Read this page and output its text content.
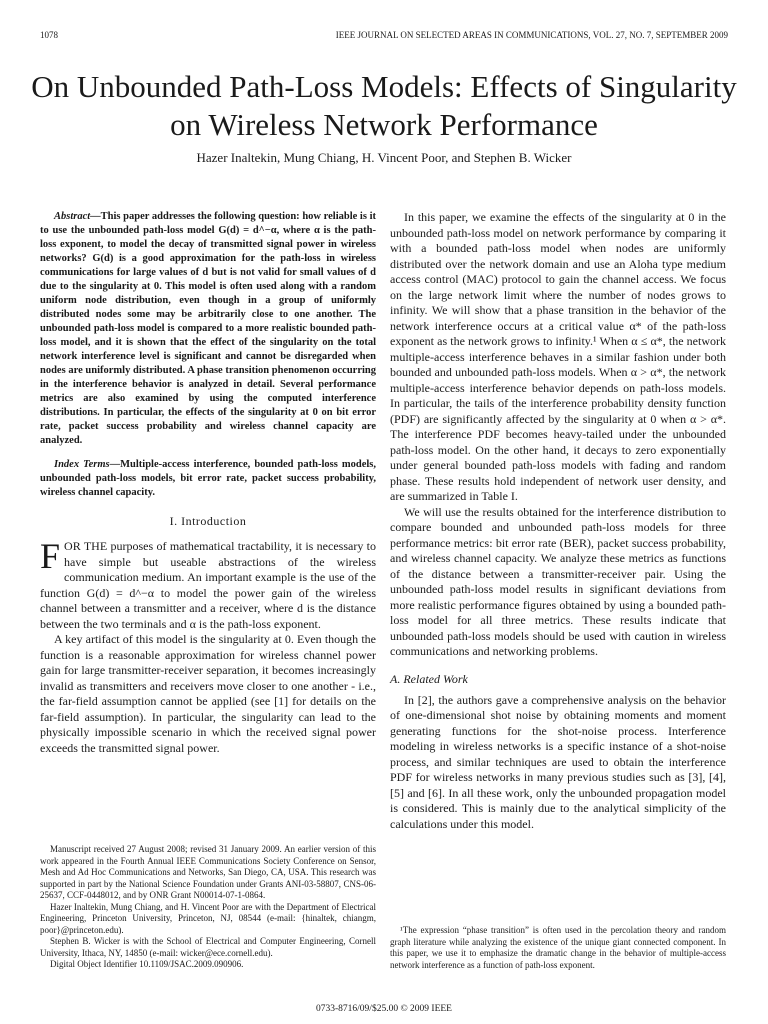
1078	IEEE JOURNAL ON SELECTED AREAS IN COMMUNICATIONS, VOL. 27, NO. 7, SEPTEMBER 2009
On Unbounded Path-Loss Models: Effects of Singularity on Wireless Network Performance
Hazer Inaltekin, Mung Chiang, H. Vincent Poor, and Stephen B. Wicker

Abstract—This paper addresses the following question: how reliable is it to use the unbounded path-loss model G(d) = d^−α, where α is the path-loss exponent, to model the decay of transmitted signal power in wireless networks? G(d) is a good approximation for the path-loss in wireless communications for large values of d but is not valid for small values of d due to the singularity at 0. This model is often used along with a random uniform node distribution, even though in a group of uniformly distributed nodes some may be arbitrarily close to one another. The unbounded path-loss model is compared to a more realistic bounded path-loss model, and it is shown that the effect of the singularity on the total network interference level is significant and cannot be disregarded when nodes are uniformly distributed. A phase transition phenomenon occurring in the interference behavior is analyzed in detail. Several performance metrics are also examined by using the computed interference distributions. In particular, the effects of the singularity at 0 on bit error rate, packet success probability and wireless channel capacity are analyzed.

Index Terms—Multiple-access interference, bounded path-loss models, unbounded path-loss models, bit error rate, packet success probability, wireless channel capacity.

I. Introduction

FOR THE purposes of mathematical tractability, it is necessary to have simple but useable abstractions of the wireless communication medium. An important example is the use of the function G(d) = d^−α to model the power gain of the wireless channel between a transmitter and a receiver, where d is the distance between the two terminals and α is the path-loss exponent.

A key artifact of this model is the singularity at 0. Even though the function is a reasonable approximation for wireless channel power gain for large transmitter-receiver separation, it becomes increasingly invalid as transmitters and receivers move closer to one another - i.e., the far-field assumption cannot be applied (see [1] for details on the far-field assumption). In particular, the singularity can lead to the physically impossible scenario in which the received signal power exceeds the transmitted signal power.

Manuscript received 27 August 2008; revised 31 January 2009. An earlier version of this work appeared in the Fourth Annual IEEE Communications Society Conference on Sensor, Mesh and Ad Hoc Communications and Networks, San Diego, CA, USA. This research was supported in part by the National Science Foundation under Grants ANI-03-58807, CNS-06-25637, CCF-0448012, and by ONR Grant N00014-07-1-0864.

Hazer Inaltekin, Mung Chiang, and H. Vincent Poor are with the Department of Electrical Engineering, Princeton University, Princeton, NJ, 08544 (e-mail: {hinaltek, chiangm, poor}@princeton.edu).

Stephen B. Wicker is with the School of Electrical and Computer Engineering, Cornell University, Ithaca, NY, 14850 (e-mail: wicker@ece.cornell.edu).

Digital Object Identifier 10.1109/JSAC.2009.090906.

In this paper, we examine the effects of the singularity at 0 in the unbounded path-loss model on network performance by comparing it with a bounded path-loss model when nodes are uniformly distributed over the network domain and use an Aloha type medium access control (MAC) protocol to gain the channel access. We focus on the large network limit where the number of nodes grows to infinity. We will show that a phase transition in the behavior of the network interference occurs at a critical value α* of the path-loss exponent as the network grows to infinity.¹ When α ≤ α*, the network multiple-access interference behaves in a similar fashion under both bounded and unbounded path-loss models. When α > α*, the network multiple-access interference behavior depends on path-loss models. In particular, the tails of the interference probability density function (PDF) are significantly affected by the singularity at 0 when α > α*. The interference PDF becomes heavy-tailed under the unbounded path-loss model. On the other hand, it decays to zero exponentially under general bounded path-loss models with fading and random phase. These results hold independent of network user density, and are summarized in Table I.

We will use the results obtained for the interference distribution to compare bounded and unbounded path-loss models for three performance metrics: bit error rate (BER), packet success probability, and wireless channel capacity. We analyze these metrics as functions of the distance between a transmitter-receiver pair. Using the unbounded path-loss model results in significant deviations from more realistic performance figures obtained by using a bounded path-loss model for all three metrics. These results indicate that unbounded path-loss models should be used with caution in wireless communications and networking problems.

A. Related Work

In [2], the authors gave a comprehensive analysis on the behavior of one-dimensional shot noise by obtaining moments and moment generating functions for the shot-noise process. Interference modeling in wireless networks is a specific instance of a shot-noise process, and similar techniques are used to obtain the interference PDF for wireless networks in many previous studies such as [3], [4], [5] and [6]. In all these work, only the unbounded propagation model is considered. This is mainly due to the analytical simplicity of the calculations under this model.

¹The expression “phase transition” is often used in the percolation theory and random graph literature while analyzing the existence of the unique giant connected component. In this paper, we use it to emphasize the dramatic change in the behavior of multiple-access network interference as a function of path-loss exponent.

0733-8716/09/$25.00 © 2009 IEEE
